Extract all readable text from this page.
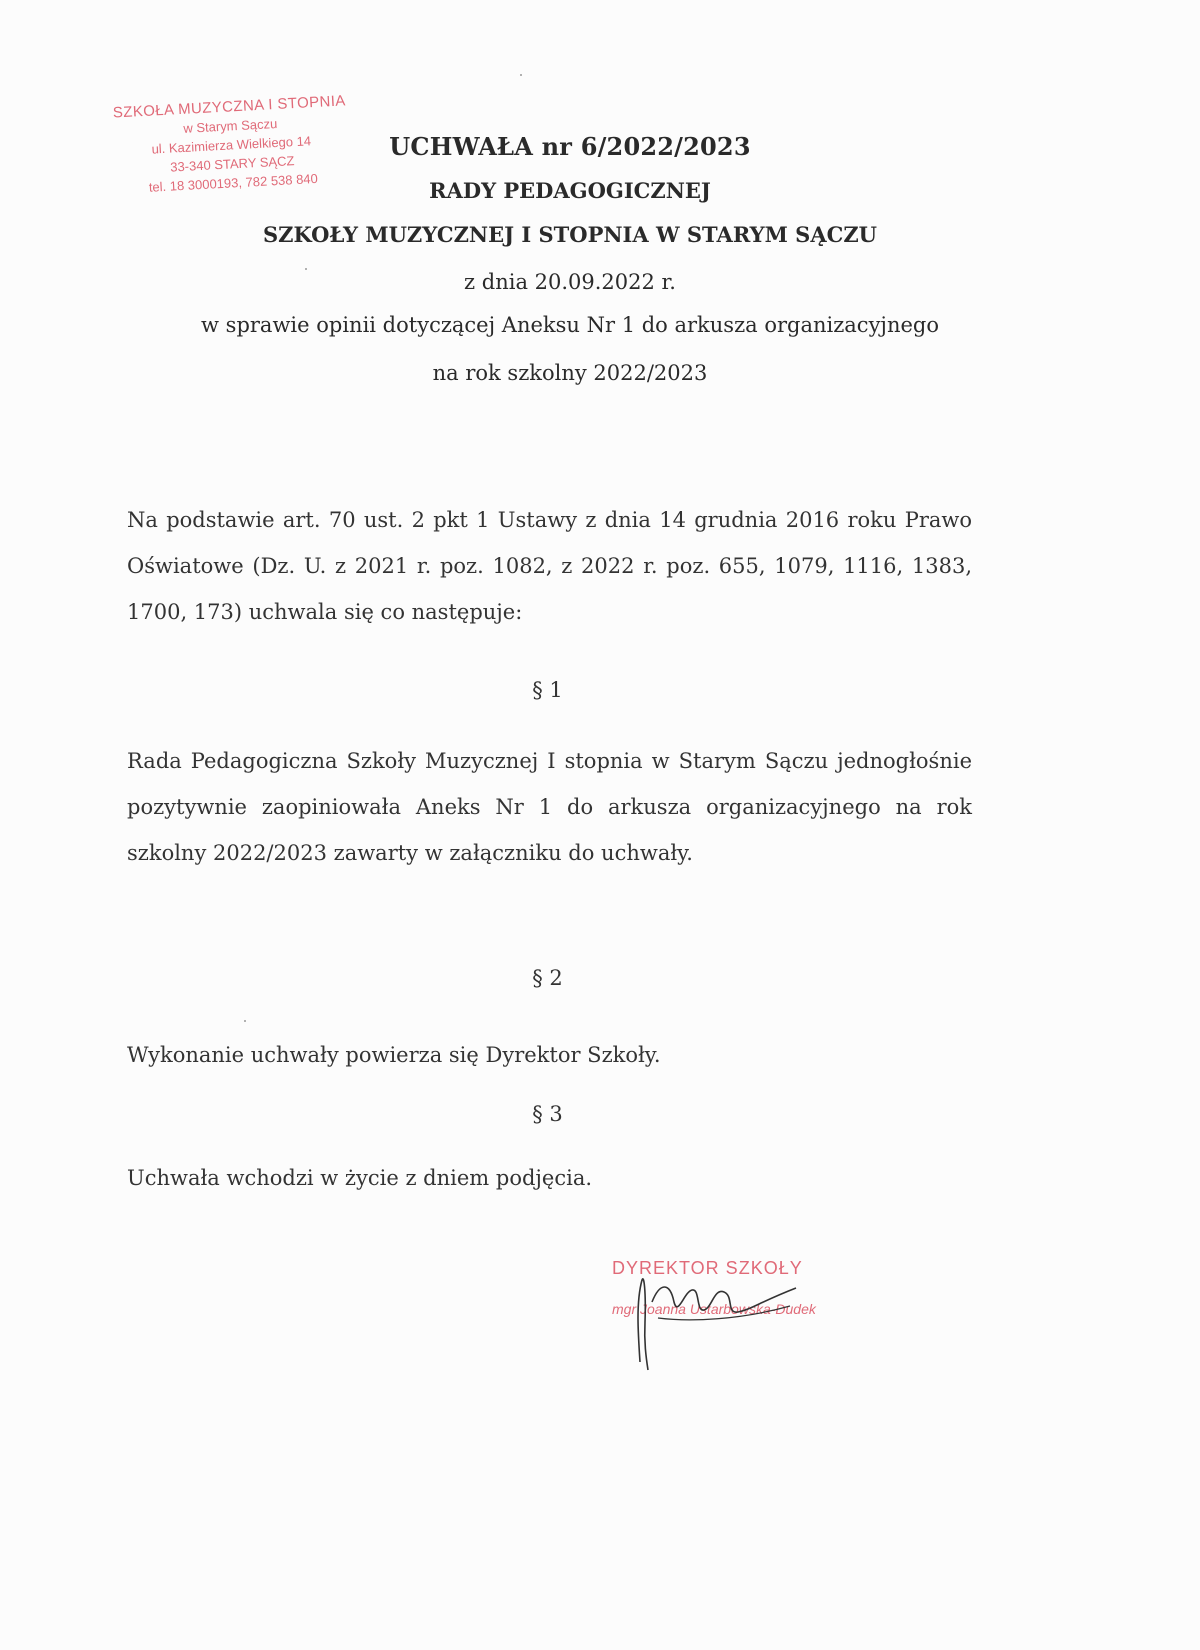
SZKOŁA MUZYCZNA I STOPNIA
w Starym Sączu
ul. Kazimierza Wielkiego 14
33-340 STARY SĄCZ
tel. 18 3000193, 782 538 840
UCHWAŁA nr 6/2022/2023
RADY PEDAGOGICZNEJ
SZKOŁY MUZYCZNEJ I STOPNIA W STARYM SĄCZU
z dnia 20.09.2022 r.
w sprawie opinii dotyczącej Aneksu Nr 1 do arkusza organizacyjnego
na rok szkolny 2022/2023
Na podstawie art. 70 ust. 2 pkt 1 Ustawy z dnia 14 grudnia 2016 roku Prawo Oświatowe (Dz. U. z 2021 r. poz. 1082, z 2022 r. poz. 655, 1079, 1116, 1383, 1700, 173) uchwala się co następuje:
§ 1
Rada Pedagogiczna Szkoły Muzycznej I stopnia w Starym Sączu jednogłośnie pozytywnie zaopiniowała Aneks Nr 1 do arkusza organizacyjnego na rok szkolny 2022/2023 zawarty w załączniku do uchwały.
§ 2
Wykonanie uchwały powierza się Dyrektor Szkoły.
§ 3
Uchwała wchodzi w życie z dniem podjęcia.
DYREKTOR SZKOŁY
mgr Joanna Ustarbowska-Dudek
